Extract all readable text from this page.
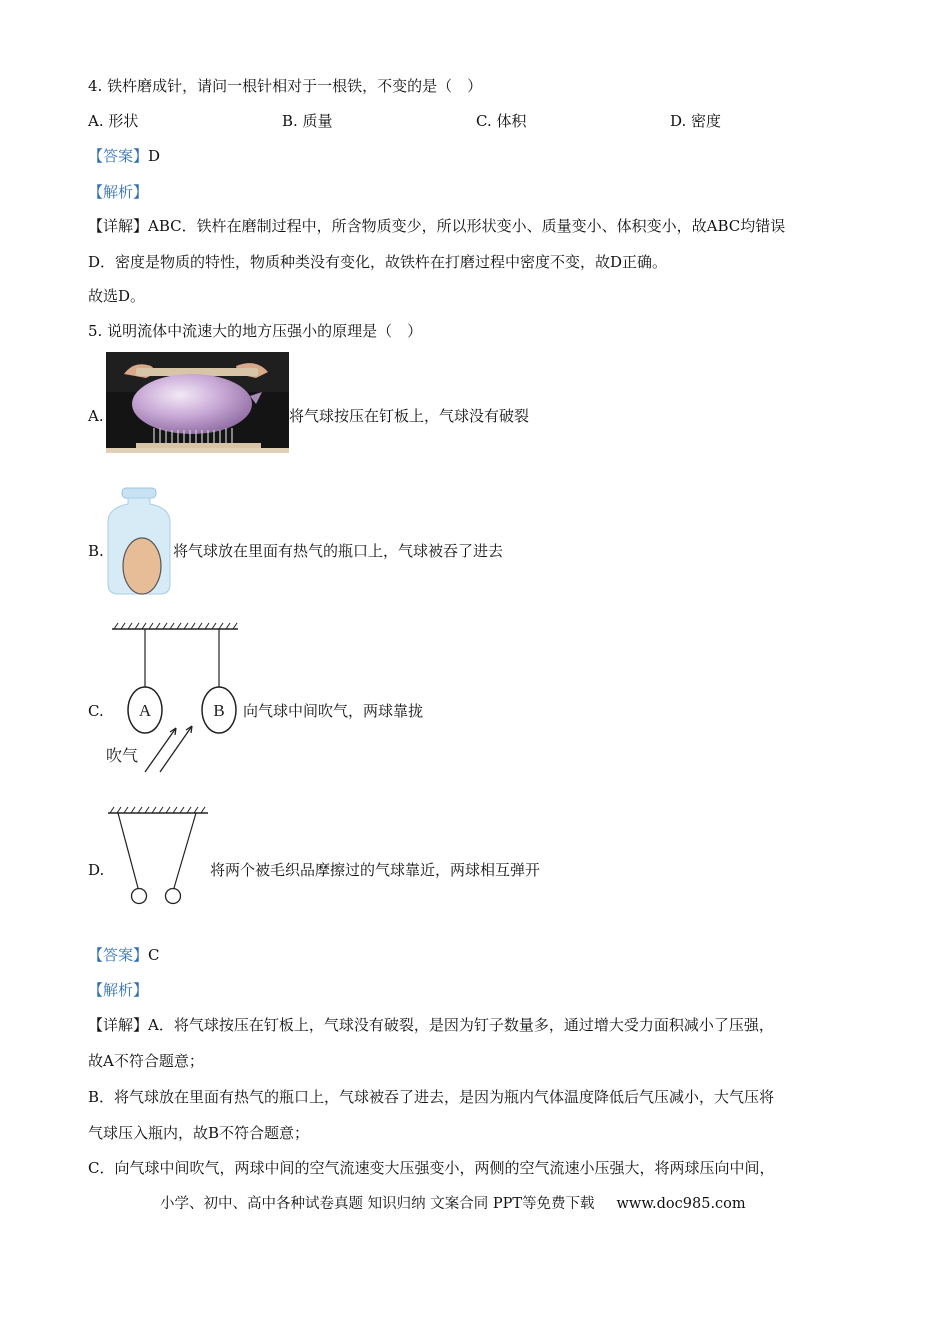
4. 铁杵磨成针，请问一根针相对于一根铁，不变的是（　）
A. 形状	B. 质量	C. 体积	D. 密度
【答案】D
【解析】
【详解】ABC．铁杵在磨制过程中，所含物质变少，所以形状变小、质量变小、体积变小，故ABC均错误
D．密度是物质的特性，物质种类没有变化，故铁杵在打磨过程中密度不变，故D正确。
故选D。
5. 说明流体中流速大的地方压强小的原理是（　）
A.	将气球按压在钉板上，气球没有破裂
B.	将气球放在里面有热气的瓶口上，气球被吞了进去
C. A	B
吹气
向气球中间吹气，两球靠拢
D.	将两个被毛织品摩擦过的气球靠近，两球相互弹开
【答案】C
【解析】
【详解】A．将气球按压在钉板上，气球没有破裂，是因为钉子数量多，通过增大受力面积减小了压强，
故A不符合题意；
B．将气球放在里面有热气的瓶口上，气球被吞了进去，是因为瓶内气体温度降低后气压减小，大气压将
气球压入瓶内，故B不符合题意；
C．向气球中间吹气，两球中间的空气流速变大压强变小，两侧的空气流速小压强大，将两球压向中间，
小学、初中、高中各种试卷真题 知识归纳 文案合同 PPT等免费下载 www.doc985.com
